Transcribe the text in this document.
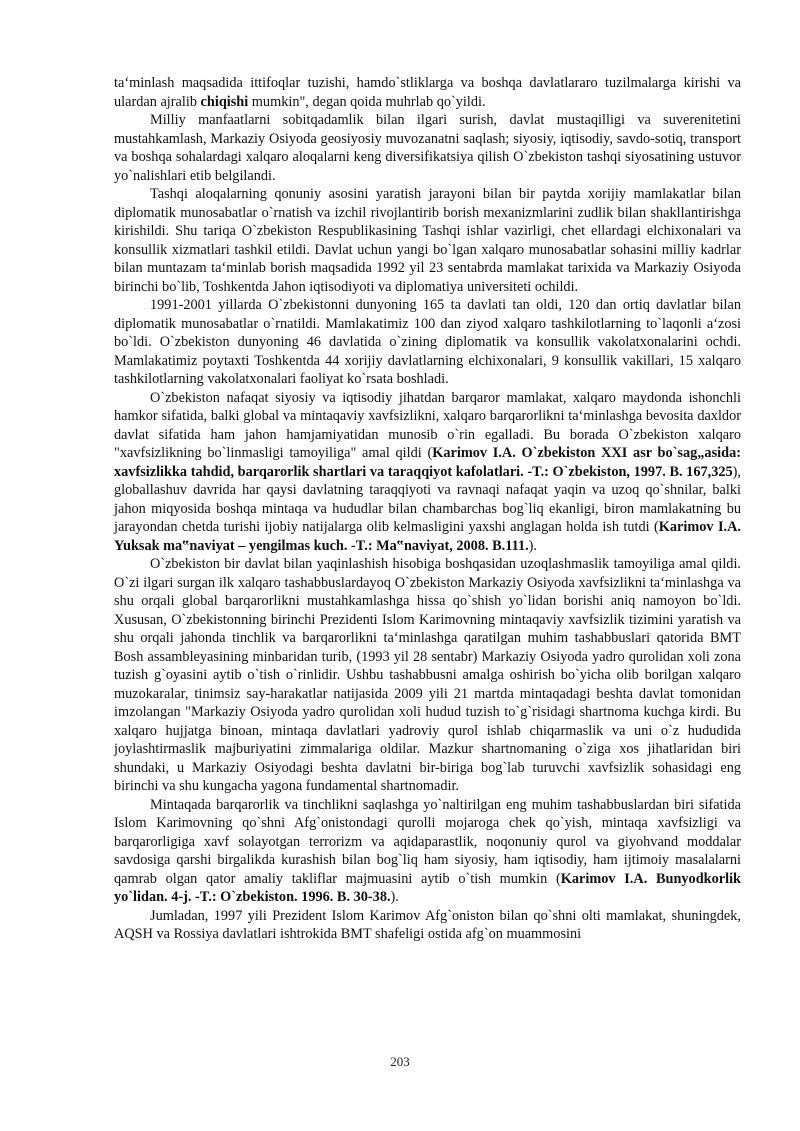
ta‘minlash maqsadida ittifoqlar tuzishi, hamdo`stliklarga va boshqa davlatlararo tuzilmalarga kirishi va ulardan ajralib chiqishi mumkin", degan qoida muhrlab qo`yildi.

Milliy manfaatlarni sobitqadamlik bilan ilgari surish, davlat mustaqilligi va suverenitetini mustahkamlash, Markaziy Osiyoda geosiyosiy muvozanatni saqlash; siyosiy, iqtisodiy, savdo-sotiq, transport va boshqa sohalardagi xalqaro aloqalarni keng diversifikatsiya qilish O`zbekiston tashqi siyosatining ustuvor yo`nalishlari etib belgilandi.

Tashqi aloqalarning qonuniy asosini yaratish jarayoni bilan bir paytda xorijiy mamlakatlar bilan diplomatik munosabatlar o`rnatish va izchil rivojlantirib borish mexanizmlarini zudlik bilan shakllantirishga kirishildi. Shu tariqa O`zbekiston Respublikasining Tashqi ishlar vazirligi, chet ellardagi elchixonalari va konsullik xizmatlari tashkil etildi. Davlat uchun yangi bo`lgan xalqaro munosabatlar sohasini milliy kadrlar bilan muntazam ta‘minlab borish maqsadida 1992 yil 23 sentabrda mamlakat tarixida va Markaziy Osiyoda birinchi bo`lib, Toshkentda Jahon iqtisodiyoti va diplomatiya universiteti ochildi.

1991-2001 yillarda O`zbekistonni dunyoning 165 ta davlati tan oldi, 120 dan ortiq davlatlar bilan diplomatik munosabatlar o`rnatildi. Mamlakatimiz 100 dan ziyod xalqaro tashkilotlarning to`laqonli a‘zosi bo`ldi. O`zbekiston dunyoning 46 davlatida o`zining diplomatik va konsullik vakolatxonalarini ochdi. Mamlakatimiz poytaxti Toshkentda 44 xorijiy davlatlarning elchixonalari, 9 konsullik vakillari, 15 xalqaro tashkilotlarning vakolatxonalari faoliyat ko`rsata boshladi.

O`zbekiston nafaqat siyosiy va iqtisodiy jihatdan barqaror mamlakat, xalqaro maydonda ishonchli hamkor sifatida, balki global va mintaqaviy xavfsizlikni, xalqaro barqarorlikni ta‘minlashga bevosita daxldor davlat sifatida ham jahon hamjamiyatidan munosib o`rin egalladi. Bu borada O`zbekiston xalqaro "xavfsizlikning bo`linmasligi tamoyiliga" amal qildi (Karimov I.A. O`zbekiston XXI asr bo`sag„asida: xavfsizlikka tahdid, barqarorlik shartlari va taraqqiyot kafolatlari. -T.: O`zbekiston, 1997. B. 167,325), globallashuv davrida har qaysi davlatning taraqqiyoti va ravnaqi nafaqat yaqin va uzoq qo`shnilar, balki jahon miqyosida boshqa mintaqa va hududlar bilan chambarchas bog`liq ekanligi, biron mamlakatning bu jarayondan chetda turishi ijobiy natijalarga olib kelmasligini yaxshi anglagan holda ish tutdi (Karimov I.A. Yuksak ma‟naviyat – yengilmas kuch. -T.: Ma‟naviyat, 2008. B.111.).

O`zbekiston bir davlat bilan yaqinlashish hisobiga boshqasidan uzoqlashmaslik tamoyiliga amal qildi. O`zi ilgari surgan ilk xalqaro tashabbuslardayoq O`zbekiston Markaziy Osiyoda xavfsizlikni ta‘minlashga va shu orqali global barqarorlikni mustahkamlashga hissa qo`shish yo`lidan borishi aniq namoyon bo`ldi. Xususan, O`zbekistonning birinchi Prezidenti Islom Karimovning mintaqaviy xavfsizlik tizimini yaratish va shu orqali jahonda tinchlik va barqarorlikni ta‘minlashga qaratilgan muhim tashabbuslari qatorida BMT Bosh assambleyasining minbaridan turib, (1993 yil 28 sentabr) Markaziy Osiyoda yadro qurolidan xoli zona tuzish g`oyasini aytib o`tish o`rinlidir. Ushbu tashabbusni amalga oshirish bo`yicha olib borilgan xalqaro muzokaralar, tinimsiz say-harakatlar natijasida 2009 yili 21 martda mintaqadagi beshta davlat tomonidan imzolangan "Markaziy Osiyoda yadro qurolidan xoli hudud tuzish to`g`risidagi shartnoma kuchga kirdi. Bu xalqaro hujjatga binoan, mintaqa davlatlari yadroviy qurol ishlab chiqarmaslik va uni o`z hududida joylashtirmaslik majburiyatini zimmalariga oldilar. Mazkur shartnomaning o`ziga xos jihatlaridan biri shundaki, u Markaziy Osiyodagi beshta davlatni bir-biriga bog`lab turuvchi xavfsizlik sohasidagi eng birinchi va shu kungacha yagona fundamental shartnomadir.

Mintaqada barqarorlik va tinchlikni saqlashga yo`naltirilgan eng muhim tashabbuslardan biri sifatida Islom Karimovning qo`shni Afg`onistondagi qurolli mojaroga chek qo`yish, mintaqa xavfsizligi va barqarorligiga xavf solayotgan terrorizm va aqidaparastlik, noqonuniy qurol va giyohvand moddalar savdosiga qarshi birgalikda kurashish bilan bog`liq ham siyosiy, ham iqtisodiy, ham ijtimoiy masalalarni qamrab olgan qator amaliy takliflar majmuasini aytib o`tish mumkin (Karimov I.A. Bunyodkorlik yo`lidan. 4-j. -T.: O`zbekiston. 1996. B. 30-38.).

Jumladan, 1997 yili Prezident Islom Karimov Afg`oniston bilan qo`shni olti mamlakat, shuningdek, AQSH va Rossiya davlatlari ishtrokida BMT shafeligi ostida afg`on muammosini

203
